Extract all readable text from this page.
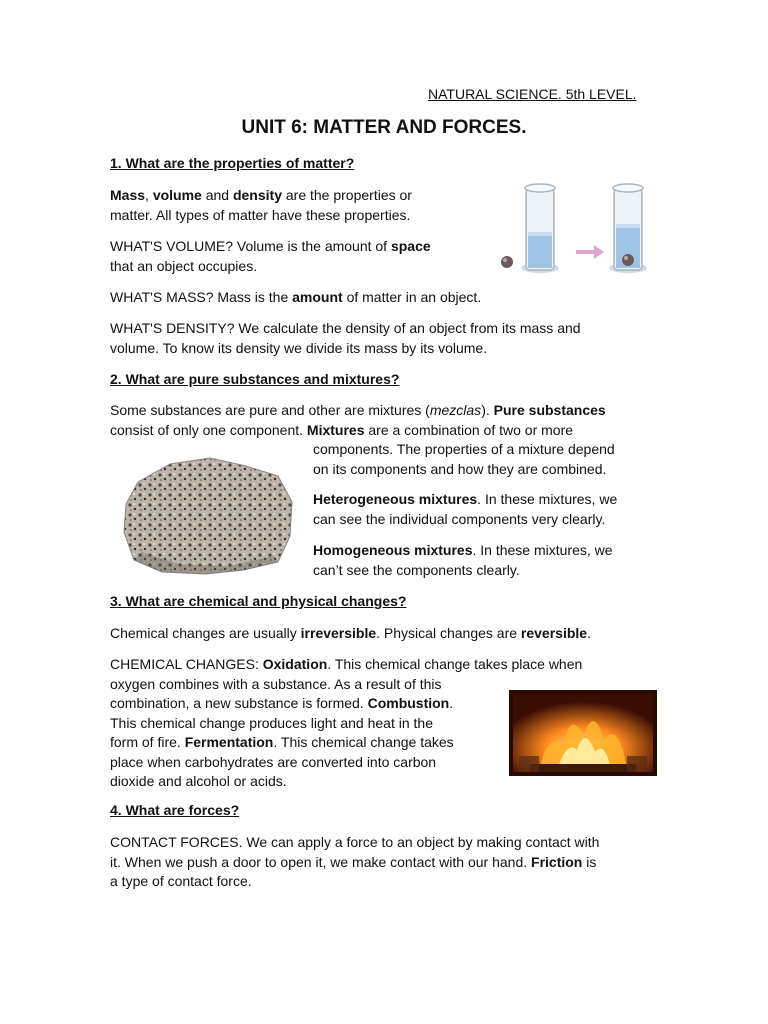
NATURAL SCIENCE. 5th LEVEL.
UNIT 6: MATTER AND FORCES.
1. What are the properties of matter?
Mass, volume and density are the properties or
matter. All types of matter have these properties.
WHAT'S VOLUME? Volume is the amount of space
that an object occupies.
WHAT'S MASS? Mass is the amount of matter in an object.
WHAT'S DENSITY? We calculate the density of an object from its mass and
volume. To know its density we divide its mass by its volume.
2. What are pure substances and mixtures?
Some substances are pure and other are mixtures (mezclas). Pure substances
consist of only one component. Mixtures are a combination of two or more
components. The properties of a mixture depend
on its components and how they are combined.
Heterogeneous mixtures. In these mixtures, we
can see the individual components very clearly.
Homogeneous mixtures. In these mixtures, we
can’t see the components clearly.
3. What are chemical and physical changes?
Chemical changes are usually irreversible. Physical changes are reversible.
CHEMICAL CHANGES: Oxidation. This chemical change takes place when
oxygen combines with a substance. As a result of this
combination, a new substance is formed. Combustion.
This chemical change produces light and heat in the
form of fire. Fermentation. This chemical change takes
place when carbohydrates are converted into carbon
dioxide and alcohol or acids.
4. What are forces?
CONTACT FORCES. We can apply a force to an object by making contact with
it. When we push a door to open it, we make contact with our hand. Friction is
a type of contact force.
